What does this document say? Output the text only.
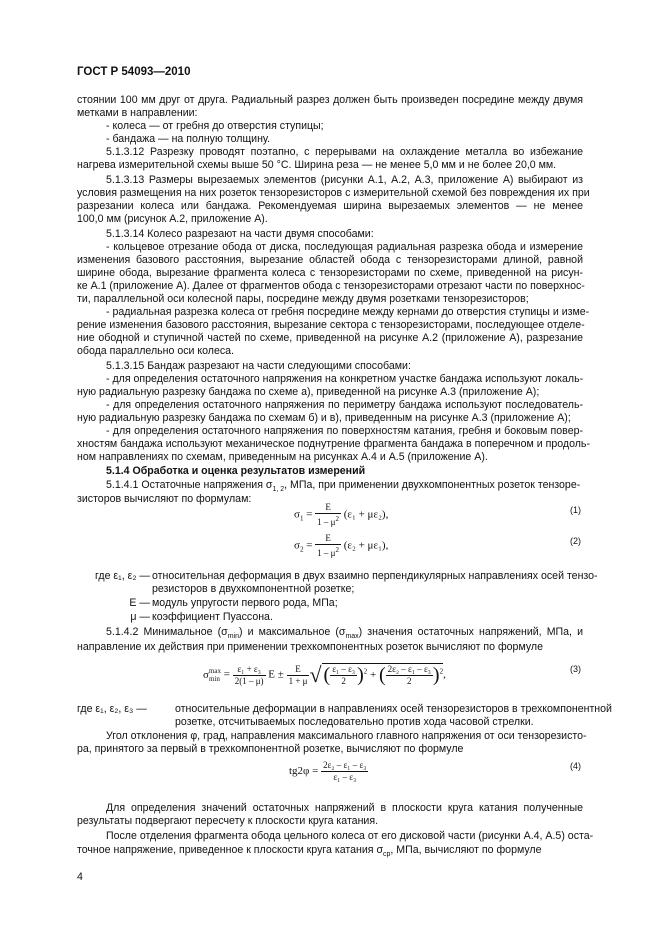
ГОСТ Р 54093—2010
стоянии 100 мм друг от друга. Радиальный разрез должен быть произведен посредине между двумя
метками в направлении:
- колеса — от гребня до отверстия ступицы;
- бандажа — на полную толщину.
5.1.3.12 Разрезку проводят поэтапно, с перерывами на охлаждение металла во избежание
нагрева измерительной схемы выше 50 °C. Ширина реза — не менее 5,0 мм и не более 20,0 мм.
5.1.3.13 Размеры вырезаемых элементов (рисунки А.1, А.2, А.3, приложение А) выбирают из
условия размещения на них розеток тензорезисторов с измерительной схемой без повреждения их при
разрезании колеса или бандажа. Рекомендуемая ширина вырезаемых элементов — не менее
100,0 мм (рисунок А.2, приложение А).
5.1.3.14 Колесо разрезают на части двумя способами:
- кольцевое отрезание обода от диска, последующая радиальная разрезка обода и измерение
изменения базового расстояния, вырезание областей обода с тензорезисторами длиной, равной
ширине обода, вырезание фрагмента колеса с тензорезисторами по схеме, приведенной на рисун-
ке А.1 (приложение А). Далее от фрагментов обода с тензорезисторами отрезают части по поверхнос-
ти, параллельной оси колесной пары, посредине между двумя розетками тензорезисторов;
- радиальная разрезка колеса от гребня посредине между кернами до отверстия ступицы и изме-
рение изменения базового расстояния, вырезание сектора с тензорезисторами, последующее отделе-
ние ободной и ступичной частей по схеме, приведенной на рисунке А.2 (приложение А), разрезание
обода параллельно оси колеса.
5.1.3.15 Бандаж разрезают на части следующими способами:
- для определения остаточного напряжения на конкретном участке бандажа используют локаль-
ную радиальную разрезку бандажа по схеме а), приведенной на рисунке А.3 (приложение А);
- для определения остаточного напряжения по периметру бандажа используют последователь-
ную радиальную разрезку бандажа по схемам б) и в), приведенным на рисунке А.3 (приложение А);
- для определения остаточного напряжения по поверхностям катания, гребня и боковым повер-
хностям бандажа используют механическое поднутрение фрагмента бандажа в поперечном и продоль-
ном направлениях по схемам, приведенным на рисунках А.4 и А.5 (приложение А).
5.1.4 Обработка и оценка результатов измерений
5.1.4.1 Остаточные напряжения $\sigma_{1, 2}$, МПа, при применении двухкомпонентных розеток тензоре-
зисторов вычисляют по формулам:
$\sigma_1 = \frac{E}{1 - \mu^2} (\varepsilon_1 + \mu\varepsilon_2)$,	(1)
$\sigma_2 = \frac{E}{1 - \mu^2} (\varepsilon_2 + \mu\varepsilon_1)$,	(2)
где ε₁, ε₂ — относительная деформация в двух взаимно перпендикулярных направлениях осей тензо-
резисторов в двухкомпонентной розетке;
E — модуль упругости первого рода, МПа;
μ — коэффициент Пуассона.
5.1.4.2 Минимальное $(\sigma_{min})$ и максимальное $(\sigma_{max})$ значения остаточных напряжений, МПа, и
направление их действия при применении трехкомпонентных розеток вычисляют по формуле
σmax
$\min = \frac{\text{ε₁ + ε₃}}{2(1 - \mu)}$ $E \pm \frac{E}{1 + \mu}$ √ ( $\frac{\text{ε₁ – ε₃}}{2} )^2$ + ( $\frac{\text{2ε₂ – ε₁ – ε₃}}{2} )^2$,	(3)
где ε₁, ε₂, ε₃ —	относительные деформации в направлениях осей тензорезисторов в трехкомпонентной
розетке, отсчитываемых последовательно против хода часовой стрелки.
Угол отклонения φ, град, направления максимального главного напряжения от оси тензорезисто-
ра, принятого за первый в трехкомпонентной розетке, вычисляют по формуле
$tg2\varphi = \frac{\text{2ε₂ – ε₁ – ε₃}}{\text{ε₁ – ε₃}}$	(4)
Для определения значений остаточных напряжений в плоскости круга катания полученные
результаты подвергают пересчету к плоскости круга катания.
После отделения фрагмента обода цельного колеса от его дисковой части (рисунки А.4, А.5) оста-
точное напряжение, приведенное к плоскости круга катания $\sigma_{ср}$, МПа, вычисляют по формуле
4
